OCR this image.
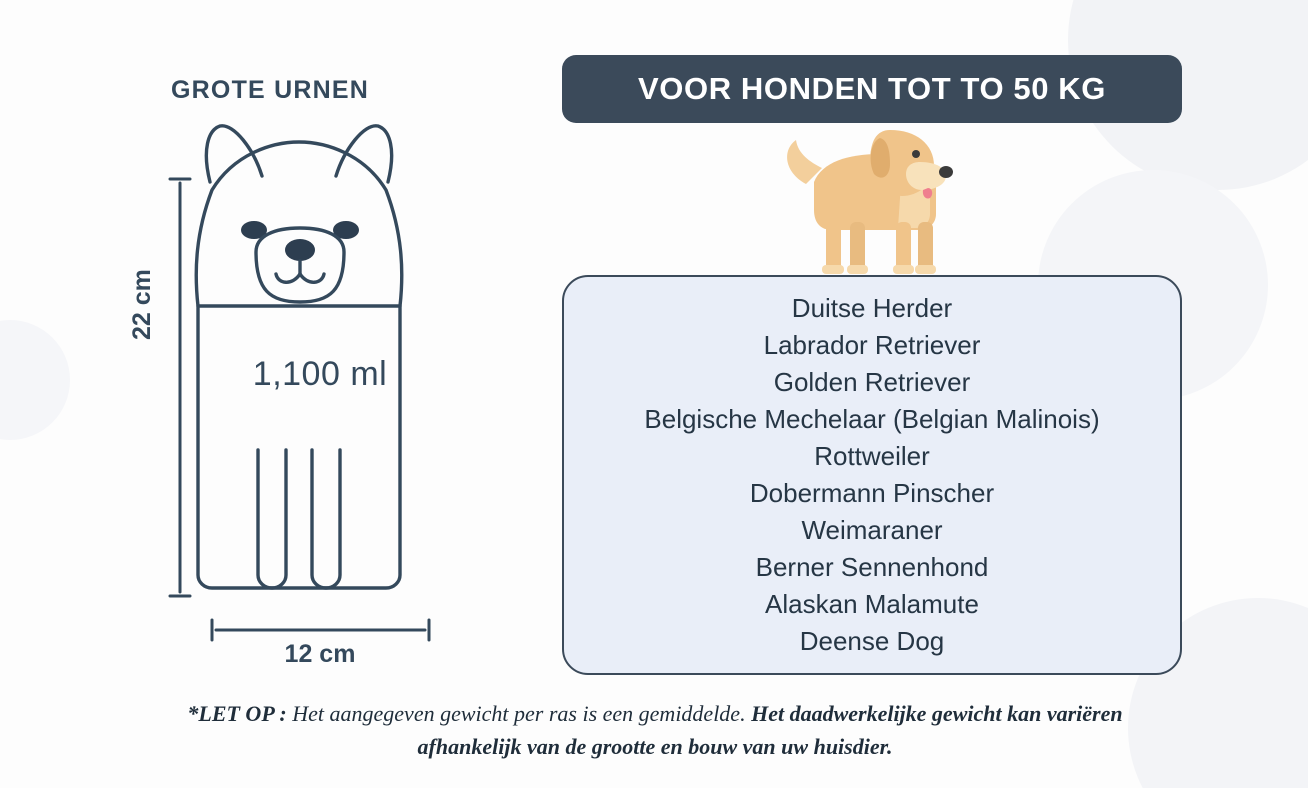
GROTE URNEN
1,100 ml
22 cm
12 cm
VOOR HONDEN TOT TO 50 KG
Duitse Herder
Labrador Retriever
Golden Retriever
Belgische Mechelaar (Belgian Malinois)
Rottweiler
Dobermann Pinscher
Weimaraner
Berner Sennenhond
Alaskan Malamute
Deense Dog
*LET OP : Het aangegeven gewicht per ras is een gemiddelde. Het daadwerkelijke gewicht kan variëren afhankelijk van de grootte en bouw van uw huisdier.
